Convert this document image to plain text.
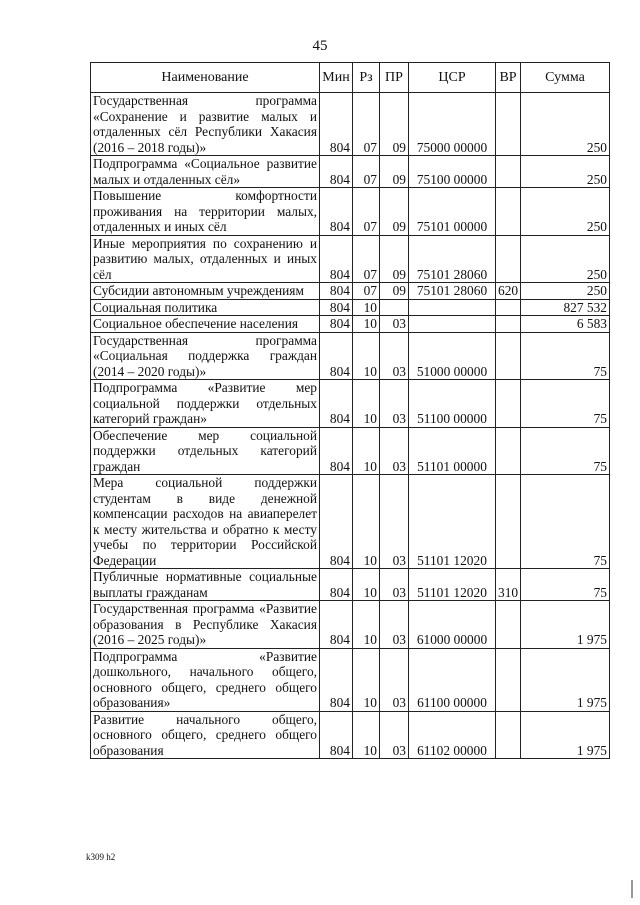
45
Наименование	Мин	Рз	ПР	ЦСР	ВР	Сумма
Государственная программа «Сохранение и развитие малых и отдаленных сёл Республики Хакасия (2016 – 2018 годы)»	804	07	09	75000 00000		250
Подпрограмма «Социальное развитие малых и отдаленных сёл»	804	07	09	75100 00000		250
Повышение комфортности проживания на территории малых, отдаленных и иных сёл	804	07	09	75101 00000		250
Иные мероприятия по сохранению и развитию малых, отдаленных и иных сёл	804	07	09	75101 28060		250
Субсидии автономным учреждениям	804	07	09	75101 28060	620	250
Социальная политика	804	10				827 532
Социальное обеспечение населения	804	10	03			6 583
Государственная программа «Социальная поддержка граждан (2014 – 2020 годы)»	804	10	03	51000 00000		75
Подпрограмма «Развитие мер социальной поддержки отдельных категорий граждан»	804	10	03	51100 00000		75
Обеспечение мер социальной поддержки отдельных категорий граждан	804	10	03	51101 00000		75
Мера социальной поддержки студентам в виде денежной компенсации расходов на авиаперелет к месту жительства и обратно к месту учебы по территории Российской Федерации	804	10	03	51101 12020		75
Публичные нормативные социальные выплаты гражданам	804	10	03	51101 12020	310	75
Государственная программа «Развитие образования в Республике Хакасия (2016 – 2025 годы)»	804	10	03	61000 00000		1 975
Подпрограмма «Развитие дошкольного, начального общего, основного общего, среднего общего образования»	804	10	03	61100 00000		1 975
Развитие начального общего, основного общего, среднего общего образования	804	10	03	61102 00000		1 975
k309 h2
